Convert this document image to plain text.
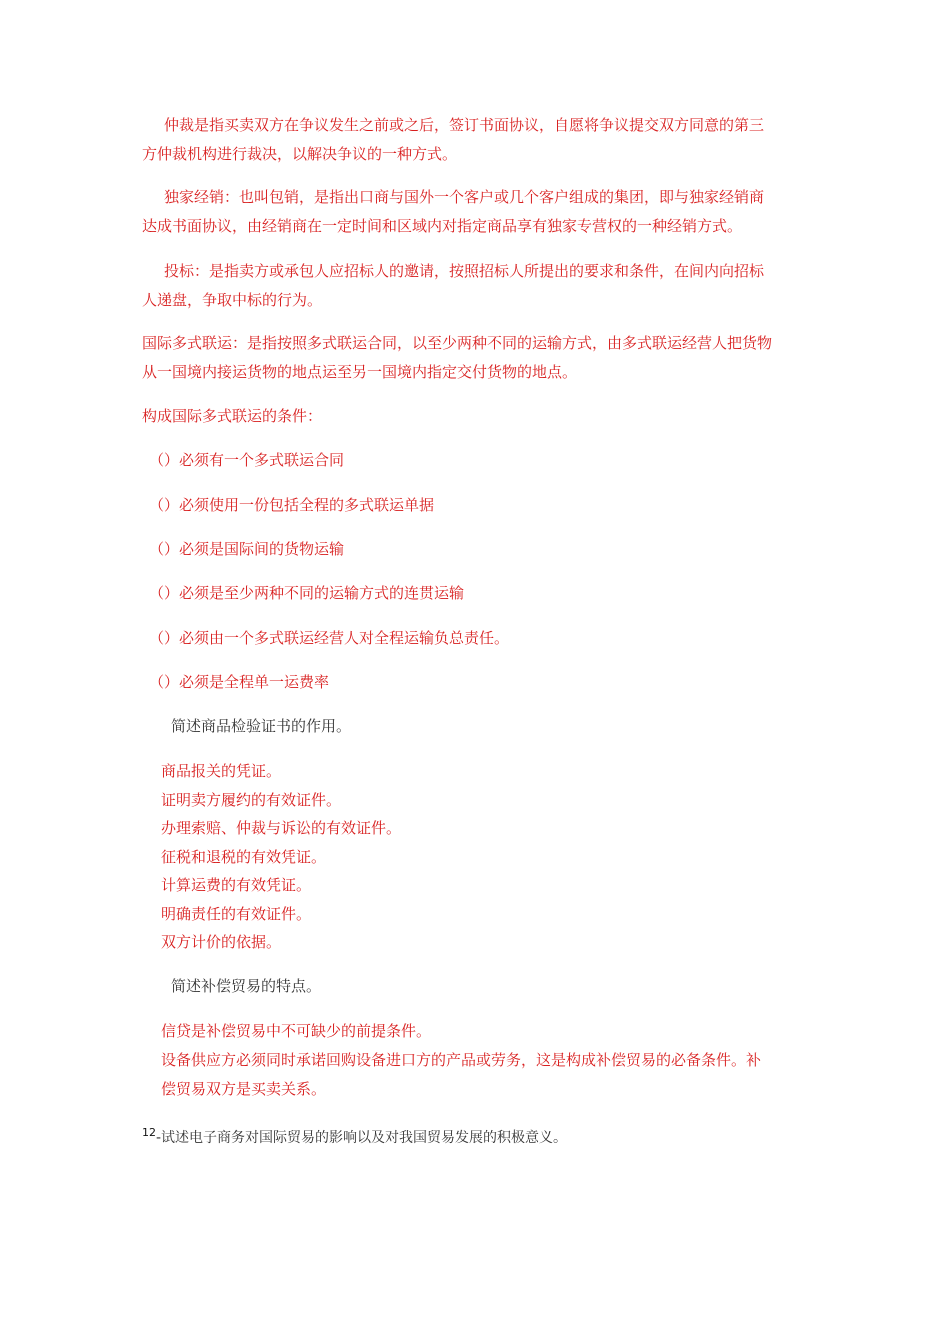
仲裁是指买卖双方在争议发生之前或之后，签订书面协议，自愿将争议提交双方同意的第三
方仲裁机构进行裁决，以解决争议的一种方式。
独家经销：也叫包销，是指出口商与国外一个客户或几个客户组成的集团，即与独家经销商
达成书面协议，由经销商在一定时间和区域内对指定商品享有独家专营权的一种经销方式。
投标：是指卖方或承包人应招标人的邀请，按照招标人所提出的要求和条件，在间内向招标
人递盘，争取中标的行为。
国际多式联运：是指按照多式联运合同，以至少两种不同的运输方式，由多式联运经营人把货物
从一国境内接运货物的地点运至另一国境内指定交付货物的地点。
构成国际多式联运的条件：
（）必须有一个多式联运合同
（）必须使用一份包括全程的多式联运单据
（）必须是国际间的货物运输
（）必须是至少两种不同的运输方式的连贯运输
（）必须由一个多式联运经营人对全程运输负总责任。
（）必须是全程单一运费率
简述商品检验证书的作用。
商品报关的凭证。
证明卖方履约的有效证件。
办理索赔、仲裁与诉讼的有效证件。
征税和退税的有效凭证。
计算运费的有效凭证。
明确责任的有效证件。
双方计价的依据。
简述补偿贸易的特点。
信贷是补偿贸易中不可缺少的前提条件。
设备供应方必须同时承诺回购设备进口方的产品或劳务，这是构成补偿贸易的必备条件。补
偿贸易双方是买卖关系。
$^{12}$-试述电子商务对国际贸易的影响以及对我国贸易发展的积极意义。
